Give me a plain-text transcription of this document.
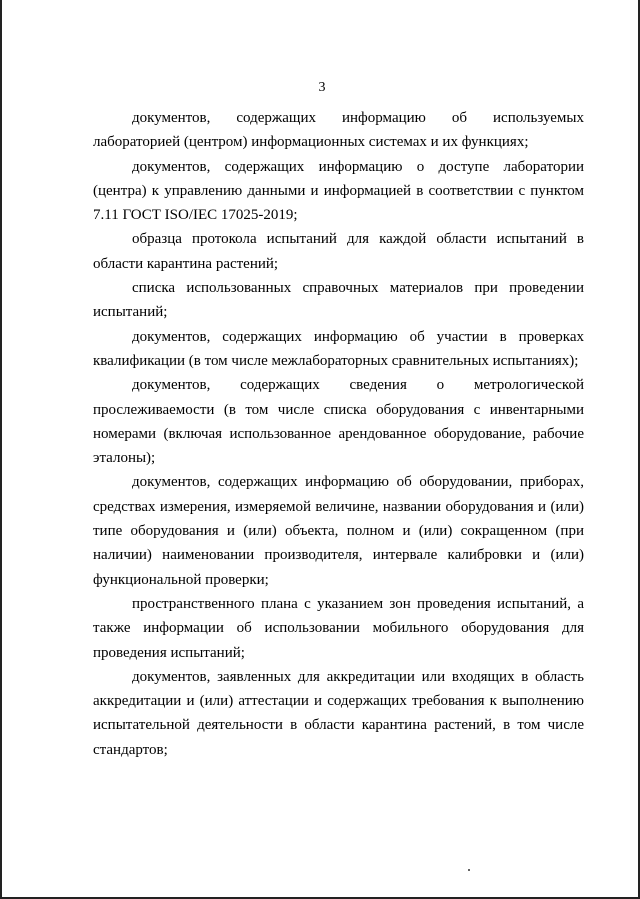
3

документов, содержащих информацию об используемых лабораторией (центром) информационных системах и их функциях;

документов, содержащих информацию о доступе лаборатории (центра) к управлению данными и информацией в соответствии с пунктом 7.11 ГОСТ ISO/IEC 17025-2019;

образца протокола испытаний для каждой области испытаний в области карантина растений;

списка использованных справочных материалов при проведении испытаний;

документов, содержащих информацию об участии в проверках квалификации (в том числе межлабораторных сравнительных испытаниях);

документов, содержащих сведения о метрологической прослеживаемости (в том числе списка оборудования с инвентарными номерами (включая использованное арендованное оборудование, рабочие эталоны);

документов, содержащих информацию об оборудовании, приборах, средствах измерения, измеряемой величине, названии оборудования и (или) типе оборудования и (или) объекта, полном и (или) сокращенном (при наличии) наименовании производителя, интервале калибровки и (или) функциональной проверки;

пространственного плана с указанием зон проведения испытаний, а также информации об использовании мобильного оборудования для проведения испытаний;

документов, заявленных для аккредитации или входящих в область аккредитации и (или) аттестации и содержащих требования к выполнению испытательной деятельности в области карантина растений, в том числе стандартов;
